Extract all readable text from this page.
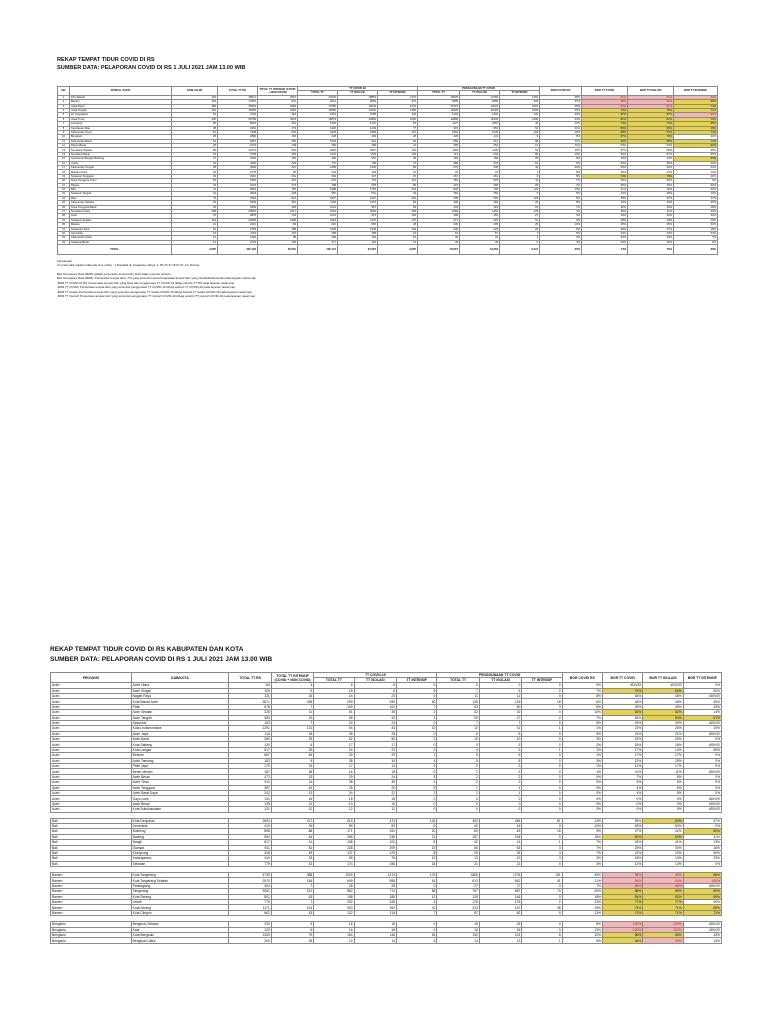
REKAP TEMPAT TIDUR COVID DI RS
SUMBER DATA: PELAPORAN COVID DI RS 1 JULI 2021 JAM 13.00 WIB
NO	RUMAH_SAKIT	JUMLAH RS	TOTAL TT RS	TOTAL TT INTENSIF (COVID + NON COVID)	TT COVID-19			PENGGUNAAN TT COVID			BOR COVID RS	BOR TT COVID	BOR TT ISOLASI	BOR TT INTENSIF
					TOTAL TT	TT ISOLASI	TT INTENSIF	TOTAL TT	TT ISOLASI	TT INTENSIF				
1	DKI Jakarta	192	48614	3967	20340	18853	1476	18625	17268	1353	38%	91%	91%	92%
2	Banten	119	13351	972	3241	2862	379	3085	2559	326	27%	95%	92%	86%
3	Jawa Barat	386	56804	3366	17580	16034	1476	15797	14570	1097	28%	90%	91%	74%
4	Jawa Tengah	332	49453	3293	16590	14640	1489	12629	11069	1053	25%	76%	76%	71%
5	DI Yogyakarta	81	7434	484	1651	1505	146	1434	1302	132	20%	87%	87%	90%
6	Jawa Timur	405	54759	3933	15879	13860	1060	12896	11505	1065	24%	81%	81%	72%
7	Lampung	80	8602	264	1532	1470	62	1127	1087	40	13%	74%	74%	65%
8	Kepulauan Riau	38	4662	273	1326	1249	77	915	863	52	21%	69%	69%	68%
9	Kalimantan Timur	57	7248	632	2025	1858	167	1369	1245	124	19%	68%	67%	74%
10	Bengkulu	25	2866	160	328	300	28	220	211	9	8%	67%	70%	32%
11	Kalimantan Barat	52	6257	250	1333	942	92	680	612	68	11%	64%	65%	74%
12	Papua Barat	25	2473	148	490	469	21	265	252	13	11%	54%	54%	62%
13	Sumatera Selatan	86	12273	564	2020	1867	153	1160	1106	54	10%	57%	59%	35%
14	Sumatera Barat	76	7009	353	1270	1125	145	712	642	80	10%	56%	57%	55%
15	Kepulauan Bangka Belitung	27	2303	152	396	357	39	183	158	25	8%	46%	44%	64%
16	Jambi	42	4394	229	772	735	37	386	370	16	9%	50%	50%	43%
17	Kalimantan Tengah	28	3082	221	1289	1206	83	679	636	43	22%	53%	53%	52%
18	Maluku Utara	20	1678	66	203	193	10	92	91	1	5%	45%	47%	10%
19	Sulawesi Tenggara	43	3415	261	362	347	15	267	261	6	8%	74%	75%	40%
20	Nusa Tenggara Timur	53	5393	301	831	715	116	381	370	11	7%	46%	52%	9%
21	Papua	43	4274	273	768	678	90	297	268	29	7%	39%	40%	32%
22	Bali	72	8364	750	1998	1756	242	820	700	120	10%	41%	40%	50%
23	Sulawesi Tengah	42	4918	228	587	541	46	256	250	6	5%	44%	46%	13%
24	Riau	73	7964	514	1827	1607	220	695	592	103	9%	38%	37%	47%
25	Kalimantan Selatan	52	6529	351	1156	1076	80	495	469	26	8%	43%	44%	33%
26	Nusa Tenggara Barat	40	4909	425	1041	957	84	334	319	15	7%	32%	33%	18%
27	Sumatera Utara	208	29687	1617	3461	3062	399	1082	1253	129	4%	39%	41%	32%
28	Aceh	70	9878	718	1013	873	132	289	262	27	3%	29%	30%	20%
29	Sulawesi Selatan	119	20455	1385	2416	2170	275	671	623	51	3%	28%	29%	19%
30	Maluku	31	2413	80	910	806	48	230	205	25	10%	25%	25%	52%
31	Sulawesi Utara	52	6793	488	1346	1206	140	348	323	26	5%	26%	27%	18%
32	Gorontalo	16	1154	107	258	258	13	63	57	7	5%	24%	22%	54%
33	Kalimantan Utara	14	1393	98	209	194	15	45	44	1	3%	22%	23%	7%
34	Sulawesi Barat	12	1023	100	177	164	13	36	36	0	4%	20%	22%	0%
TOTAL		2,987	400,794	25,061	106,174	97,087	9,087	78,957	72,653	6,274	20%	74%	75%	69%
Keterangan :
3 rumah sakit rujukan tidak ada di rs online : 1.Rumkital dr. Soekantyo Jahya, 2. RS Tk.IV 18.07.02 J.A. Dimara
Bed Occupancy Rate (BOR) adalah persentase tempat tidur terisi dalam periode tertentu.
Bed Occupancy Rate (BOR): Persentase tempat tidur (TT) yang terisi dari seluruh kapasitas tempat tidur yang disediakan/tersedia pada layanan rawat inap.
-BOR TT COVID DI RS: Persentase tempat tidur yang terisi dari penggunaan TT COVID-19 dibagi seluruh TT RS pada layanan rawat inap
-BOR TT COVID: Persentase tempat tidur yang terisi dari penggunaan TT COVID-19 dibagi seluruh TT COVID-19 pada layanan rawat inap
-BOR TT Isolasi: Persentase tempat tidur yang terisi dari penggunaan TT isolasi COVID-19 dibagi seluruh TT isolasi COVID-19 pada layanan rawat inap
-BOR TT Intensif: Persentase tempat tidur yang terisi dari penggunaan TT intensif COVID-19 dibagi seluruh TT intensif COVID-19 pada layanan rawat inap
REKAP TEMPAT TIDUR COVID DI RS KABUPATEN DAN KOTA
SUMBER DATA: PELAPORAN COVID DI RS 1 JULI 2021 JAM 13.00 WIB
PROVINSI	KAB/KOTA	TOTAL TT RS	TOTAL TT INTENSIF (COVID + NON COVID)	TT COVID-19			PENGGUNAAN TT COVID			BOR COVID RS	BOR TT COVID	BOR TT ISOLASI	BOR TT INTENSIF
				TOTAL TT	TT ISOLASI	TT INTENSIF	TOTAL TT	TT ISOLASI	TT INTENSIF				
Aceh	Aceh Utara	84	3	6	6	0	0	0	0	0%	#DIV/0!	#DIV/0!	0%
Aceh	Aceh Singkil	105	9	18	6	6	7	5	2	7%	79%	83%	50%
Aceh	Nagan Raya	131	16	24	24	0	11	11	0	8%	46%	46%	#DIV/0!
Aceh	Kota Banda Aceh	2671	255	299	290	60	135	133	18	5%	45%	45%	30%
Aceh	Pidie	678	7	109	102	7	53	50	3	8%	49%	49%	43%
Aceh	Aceh Selatan	328	11	51	39	2	32	32	0	10%	63%	82%	14%
Aceh	Aceh Tengah	383	20	55	42	3	29	27	2	7%	53%	64%	67%
Aceh	Simeulue	153	7	24	24	0	7	7	0	5%	29%	29%	#DIV/0!
Aceh	Kota Lhokseumawe	1291	131	54	44	10	12	11	1	1%	22%	25%	10%
Aceh	Aceh Jaya	110	18	28	28	0	6	6	0	5%	21%	21%	#DIV/0!
Aceh	Aceh Barat	369	29	52	50	2	10	10	0	3%	19%	20%	0%
Aceh	Kota Sabang	130	6	17	17	0	3	3	0	2%	18%	18%	#DIV/0!
Aceh	Kota Langsa	517	29	24	22	2	4	3	1	1%	17%	14%	50%
Aceh	Bireuen	667	84	30	29	1	5	5	0	1%	17%	17%	0%
Aceh	Aceh Tamiang	183	9	38	34	4	5	5	0	3%	13%	15%	0%
Aceh	Pidie Jaya	170	23	17	12	5	2	2	0	1%	12%	17%	0%
Aceh	Bener Meriah	187	36	16	18	0	2	2	0	1%	11%	11%	#DIV/0!
Aceh	Aceh Besar	472	32	29	24	5	2	2	0	0%	7%	8%	0%
Aceh	Aceh Timur	410	14	38	35	3	2	2	0	0%	5%	6%	0%
Aceh	Aceh Tenggara	357	40	25	20	5	1	1	0	0%	4%	5%	0%
Aceh	Aceh Barat Daya	242	12	24	22	2	1	1	0	0%	4%	5%	0%
Aceh	Gayo Lues	131	16	18	18	0	0	0	0	0%	0%	0%	#DIV/0!
Aceh	Aceh Besar	135	21	10	10	0	0	0	0	0%	0%	0%	#DIV/0!
Aceh	Kota Subulussalam	121	12	12	12	0	0	0	0	0%	0%	0%	#DIV/0!

Bali	Kota Denpasar	2694	317	615	473	142	363	284	81	13%	59%	60%	57%
Bali	Jembrana	410	34	89	83	6	40	44	3	10%	49%	53%	0%
Bali	Buleleng	898	86	171	151	20	80	63	16	9%	47%	42%	80%
Bali	Badung	954	64	268	238	21	157	148	9	16%	60%	63%	41%
Bali	Bangli	617	41	108	100	8	42	41	1	7%	43%	41%	13%
Bali	Gianyar	911	81	228	209	19	66	63	3	7%	29%	30%	16%
Bali	Klungkung	428	49	137	129	8	29	25	4	7%	21%	19%	50%
Bali	Karangasem	415	23	89	76	13	13	10	3	3%	15%	13%	23%
Bali	Tabanan	779	42	174	156	18	21	21	0	3%	12%	13%	0%

Banten	Kota Tangerang	4739	388	1009	1274	175	1866	1705	151	39%	96%	96%	86%
Banten	Kota Tangerang Selatan	2970	184	649	598	51	613	562	51	21%	94%	94%	100%
Banten	Pandeglang	364	7	28	28	0	27	27	0	7%	96%	96%	#DIV/0!
Banten	Tangerang	3061	212	862	774	88	757	687	70	25%	88%	89%	80%
Banten	Kota Serang	801	63	198	185	13	135	146	9	18%	84%	83%	69%
Banten	Lebak	775	7	232	228	4	178	176	2	23%	77%	77%	50%
Banten	Kota Serang	1171	101	303	262	41	223	187	36	19%	74%	71%	88%
Banten	Kota Cilegon	662	43	122	115	7	87	82	5	13%	71%	71%	71%

Bengkulu	Bengkulu Selatan	230	9	18	18	0	18	18	0	8%	100%	100%	#DIV/0!
Bengkulu	Kaur	120	6	16	16	0	16	16	0	13%	100%	100%	#DIV/0!
Bengkulu	Kota Bengkulu	1353	79	164	146	18	130	124	6	10%	86%	85%	33%
Bengkulu	Bengkulu Utara	300	25	22	14	8	14	13	1	5%	64%	93%	13%
